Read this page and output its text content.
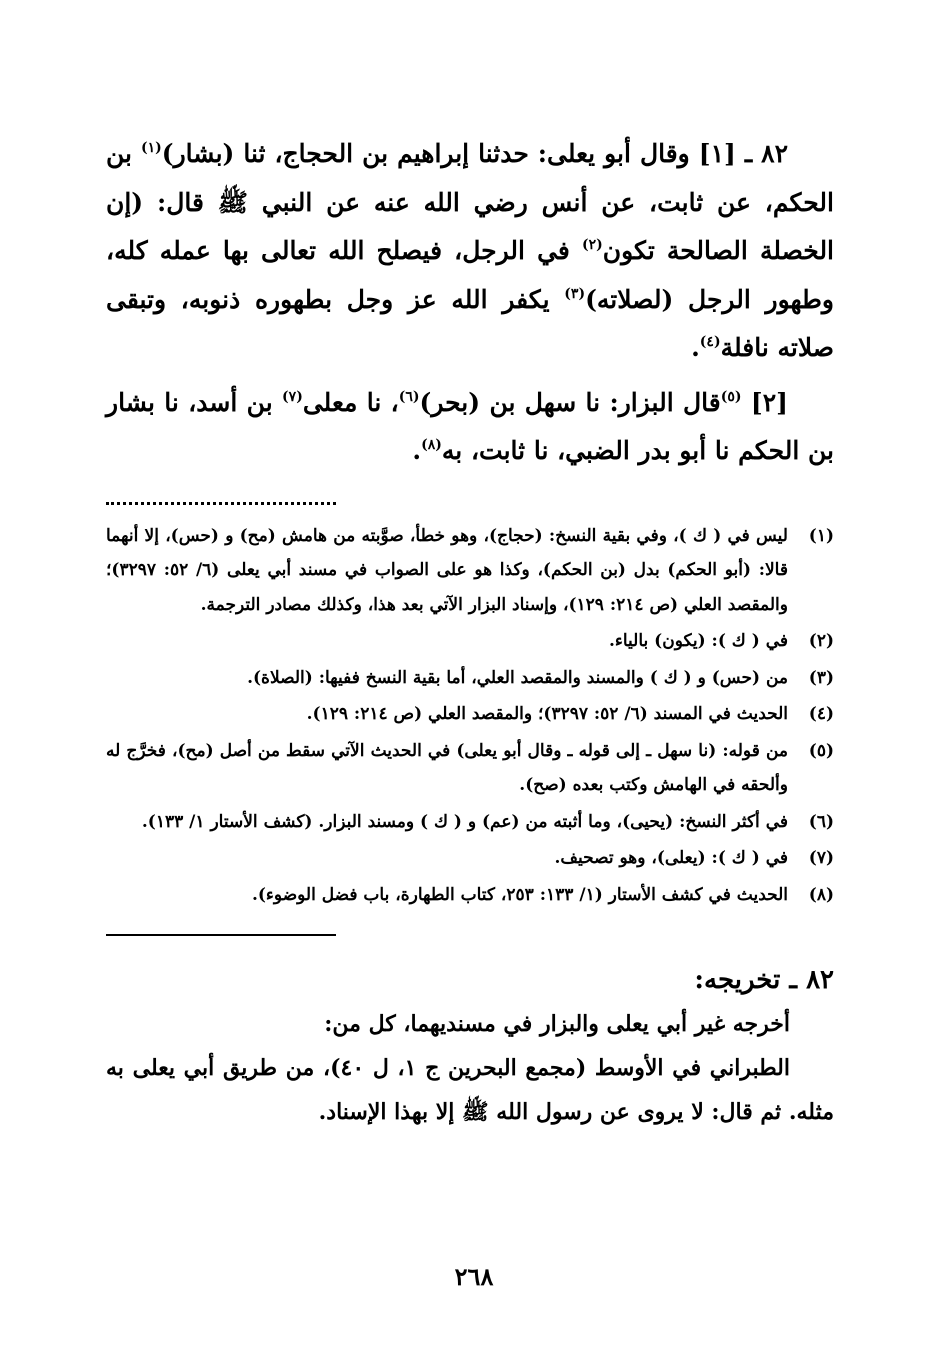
٨٢ ـ [١] وقال أبو يعلى: حدثنا إبراهيم بن الحجاج، ثنا (بشار)$^{(١)}$ بن الحكم، عن ثابت، عن أنس رضي الله عنه عن النبي ﷺ قال: (إن الخصلة الصالحة تكون$^{(٢)}$ في الرجل، فيصلح الله تعالى بها عمله كله، وطهور الرجل (لصلاته)$^{(٣)}$ يكفر الله عز وجل بطهوره ذنوبه، وتبقى صلاته نافلة$^{(٤)}$.

[٢] $^{(٥)}$قال البزار: نا سهل بن (بحر)$^{(٦)}$، نا معلى$^{(٧)}$ بن أسد، نا بشار بن الحكم نا أبو بدر الضبي، نا ثابت، به$^{(٨)}$.

(١)
ليس في ( ك )، وفي بقية النسخ: (حجاج)، وهو خطأ، صوَّبته من هامش (مح) و (حس)، إلا أنهما قالا: (أبو الحكم) بدل (بن الحكم)، وكذا هو على الصواب في مسند أبي يعلى (٦/ ٥٢: ٣٢٩٧)؛ والمقصد العلي (ص ٢١٤: ١٢٩)، وإسناد البزار الآتي بعد هذا، وكذلك مصادر الترجمة.
(٢)
في ( ك ): (يكون) بالياء.
(٣)
من (حس) و ( ك ) والمسند والمقصد العلي، أما بقية النسخ ففيها: (الصلاة).
(٤)
الحديث في المسند (٦/ ٥٢: ٣٢٩٧)؛ والمقصد العلي (ص ٢١٤: ١٢٩).
(٥)
من قوله: (نا سهل ـ إلى قوله ـ وقال أبو يعلى) في الحديث الآتي سقط من أصل (مح)، فخرَّج له وألحقه في الهامش وكتب بعده (صح).
(٦)
في أكثر النسخ: (يحيى)، وما أثبته من (عم) و ( ك ) ومسند البزار. (كشف الأستار ١/ ١٣٣).
(٧)
في ( ك ): (يعلى)، وهو تصحيف.
(٨)
الحديث في كشف الأستار (١/ ١٣٣: ٢٥٣، كتاب الطهارة، باب فضل الوضوء).
٨٢ ـ تخريجه:

أخرجه غير أبي يعلى والبزار في مسنديهما، كل من:

الطبراني في الأوسط (مجمع البحرين ج ١، ل ٤٠)، من طريق أبي يعلى به مثله. ثم قال: لا يروى عن رسول الله ﷺ إلا بهذا الإسناد.

٢٦٨
